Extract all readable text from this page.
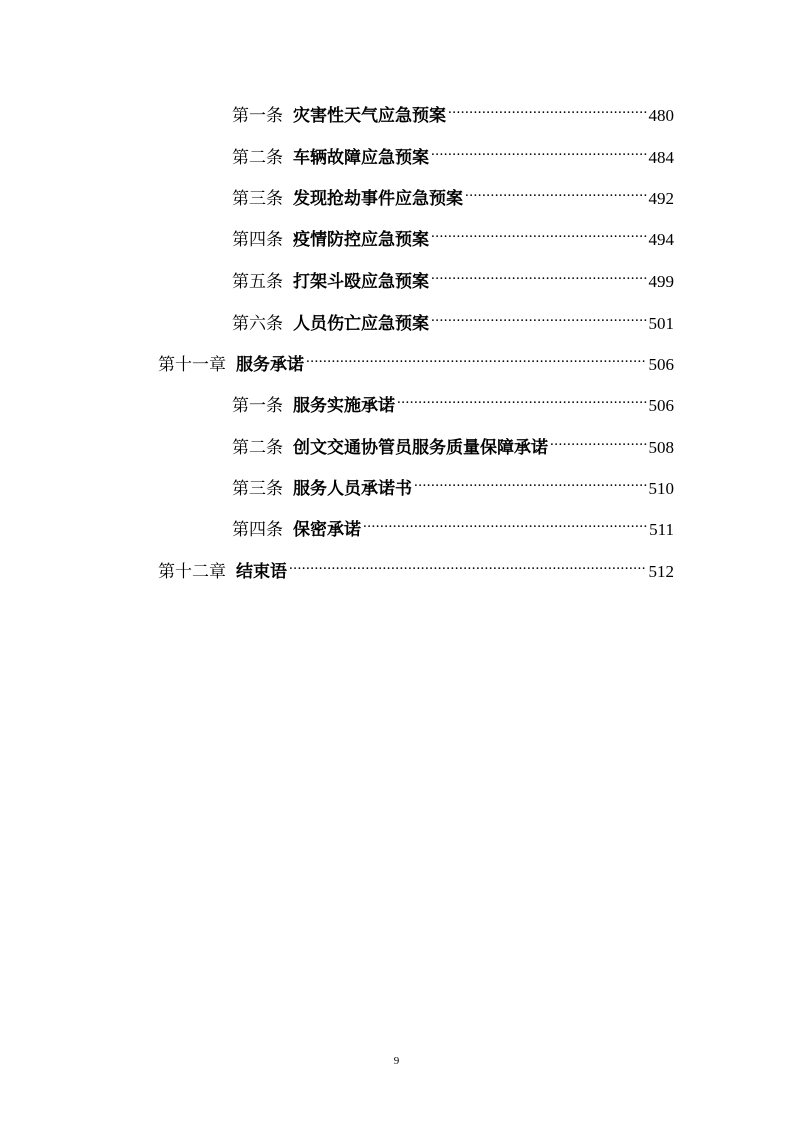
第一条 灾害性天气应急预案 .....	480
第二条 车辆故障应急预案 .....	484
第三条 发现抢劫事件应急预案 .....	492
第四条 疫情防控应急预案 .....	494
第五条 打架斗殴应急预案 .....	499
第六条 人员伤亡应急预案 .....	501
第十一章 服务承诺 .....	506
第一条 服务实施承诺 .....	506
第二条 创文交通协管员服务质量保障承诺 .....	508
第三条 服务人员承诺书 .....	510
第四条 保密承诺 .....	511
第十二章 结束语 .....	512
9
